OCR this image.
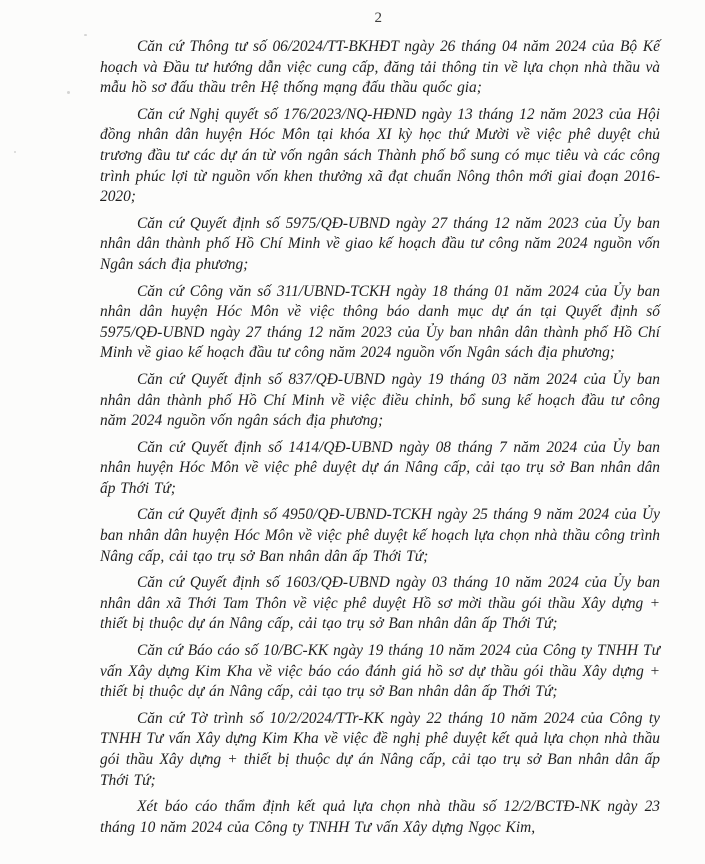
2

Căn cứ Thông tư số 06/2024/TT-BKHĐT ngày 26 tháng 04 năm 2024 của Bộ Kế hoạch và Đầu tư hướng dẫn việc cung cấp, đăng tải thông tin về lựa chọn nhà thầu và mẫu hồ sơ đấu thầu trên Hệ thống mạng đấu thầu quốc gia;

Căn cứ Nghị quyết số 176/2023/NQ-HĐND ngày 13 tháng 12 năm 2023 của Hội đồng nhân dân huyện Hóc Môn tại khóa XI kỳ học thứ Mười về việc phê duyệt chủ trương đầu tư các dự án từ vốn ngân sách Thành phố bổ sung có mục tiêu và các công trình phúc lợi từ nguồn vốn khen thưởng xã đạt chuẩn Nông thôn mới giai đoạn 2016-2020;

Căn cứ Quyết định số 5975/QĐ-UBND ngày 27 tháng 12 năm 2023 của Ủy ban nhân dân thành phố Hồ Chí Minh về giao kế hoạch đầu tư công năm 2024 nguồn vốn Ngân sách địa phương;

Căn cứ Công văn số 311/UBND-TCKH ngày 18 tháng 01 năm 2024 của Ủy ban nhân dân huyện Hóc Môn về việc thông báo danh mục dự án tại Quyết định số 5975/QĐ-UBND ngày 27 tháng 12 năm 2023 của Ủy ban nhân dân thành phố Hồ Chí Minh về giao kế hoạch đầu tư công năm 2024 nguồn vốn Ngân sách địa phương;

Căn cứ Quyết định số 837/QĐ-UBND ngày 19 tháng 03 năm 2024 của Ủy ban nhân dân thành phố Hồ Chí Minh về việc điều chỉnh, bổ sung kế hoạch đầu tư công năm 2024 nguồn vốn ngân sách địa phương;

Căn cứ Quyết định số 1414/QĐ-UBND ngày 08 tháng 7 năm 2024 của Ủy ban nhân huyện Hóc Môn về việc phê duyệt dự án Nâng cấp, cải tạo trụ sở Ban nhân dân ấp Thới Tứ;

Căn cứ Quyết định số 4950/QĐ-UBND-TCKH ngày 25 tháng 9 năm 2024 của Ủy ban nhân dân huyện Hóc Môn về việc phê duyệt kế hoạch lựa chọn nhà thầu công trình Nâng cấp, cải tạo trụ sở Ban nhân dân ấp Thới Tứ;

Căn cứ Quyết định số 1603/QĐ-UBND ngày 03 tháng 10 năm 2024 của Ủy ban nhân dân xã Thới Tam Thôn về việc phê duyệt Hồ sơ mời thầu gói thầu Xây dựng + thiết bị thuộc dự án Nâng cấp, cải tạo trụ sở Ban nhân dân ấp Thới Tứ;

Căn cứ Báo cáo số 10/BC-KK ngày 19 tháng 10 năm 2024 của Công ty TNHH Tư vấn Xây dựng Kim Kha về việc báo cáo đánh giá hồ sơ dự thầu gói thầu Xây dựng + thiết bị thuộc dự án Nâng cấp, cải tạo trụ sở Ban nhân dân ấp Thới Tứ;

Căn cứ Tờ trình số 10/2/2024/TTr-KK ngày 22 tháng 10 năm 2024 của Công ty TNHH Tư vấn Xây dựng Kim Kha về việc đề nghị phê duyệt kết quả lựa chọn nhà thầu gói thầu Xây dựng + thiết bị thuộc dự án Nâng cấp, cải tạo trụ sở Ban nhân dân ấp Thới Tứ;

Xét báo cáo thẩm định kết quả lựa chọn nhà thầu số 12/2/BCTĐ-NK ngày 23 tháng 10 năm 2024 của Công ty TNHH Tư vấn Xây dựng Ngọc Kim,
